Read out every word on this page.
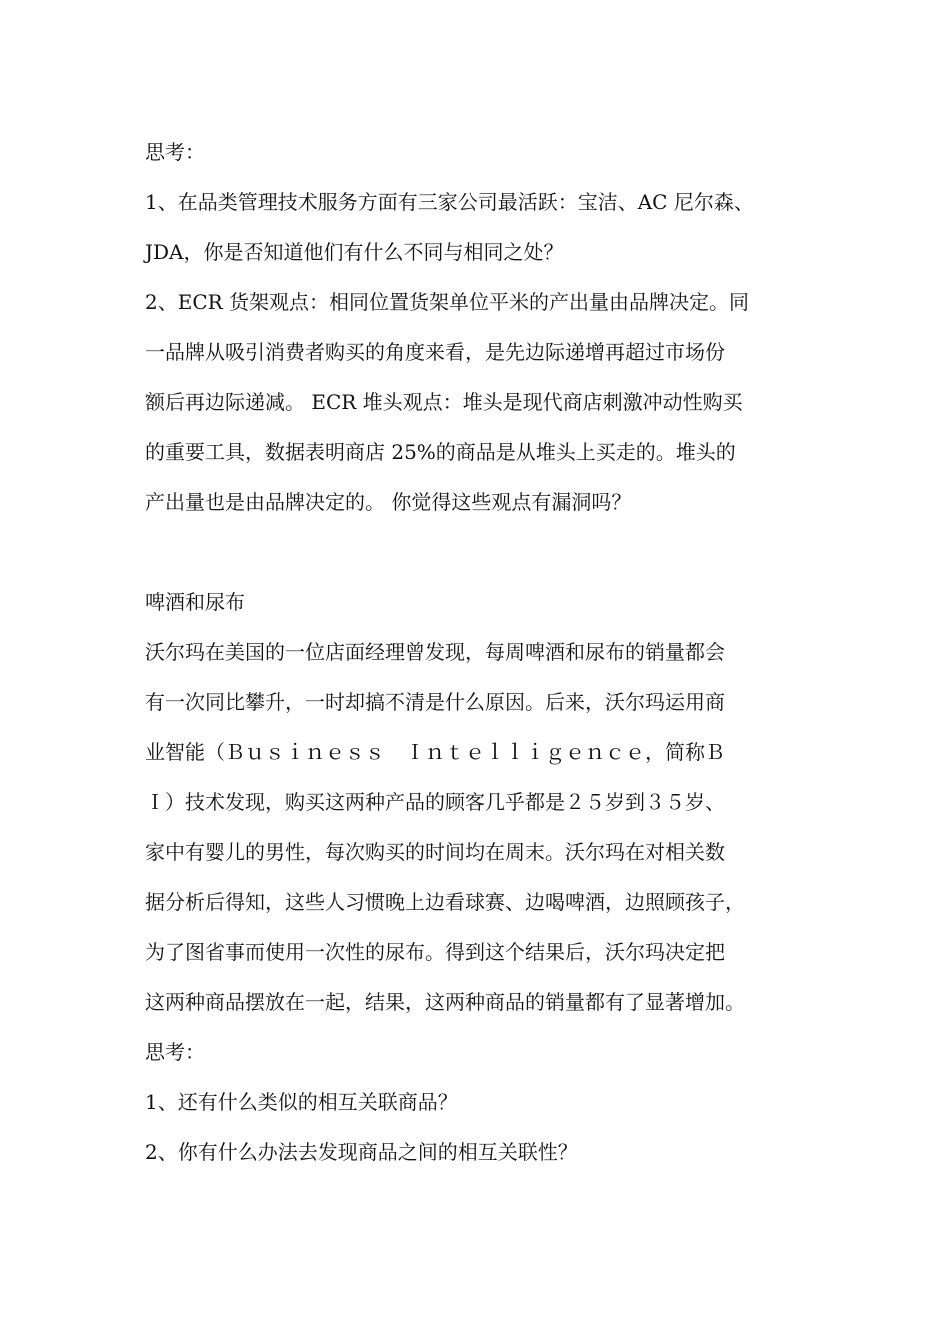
思考：

1、在品类管理技术服务方面有三家公司最活跃：宝洁、AC 尼尔森、

JDA，你是否知道他们有什么不同与相同之处？

2、ECR 货架观点：相同位置货架单位平米的产出量由品牌决定。同

一品牌从吸引消费者购买的角度来看，是先边际递增再超过市场份

额后再边际递减。 ECR 堆头观点：堆头是现代商店刺激冲动性购买

的重要工具，数据表明商店 25%的商品是从堆头上买走的。堆头的

产出量也是由品牌决定的。 你觉得这些观点有漏洞吗？

啤酒和尿布

沃尔玛在美国的一位店面经理曾发现，每周啤酒和尿布的销量都会

有一次同比攀升，一时却搞不清是什么原因。后来，沃尔玛运用商

业智能（Ｂｕｓｉｎｅｓｓ　Ｉｎｔｅｌｌｉｇｅｎｃｅ，简称Ｂ

Ｉ）技术发现，购买这两种产品的顾客几乎都是２５岁到３５岁、

家中有婴儿的男性，每次购买的时间均在周末。沃尔玛在对相关数

据分析后得知，这些人习惯晚上边看球赛、边喝啤酒，边照顾孩子，

为了图省事而使用一次性的尿布。得到这个结果后，沃尔玛决定把

这两种商品摆放在一起，结果，这两种商品的销量都有了显著增加。

思考：

1、还有什么类似的相互关联商品？

2、你有什么办法去发现商品之间的相互关联性？
